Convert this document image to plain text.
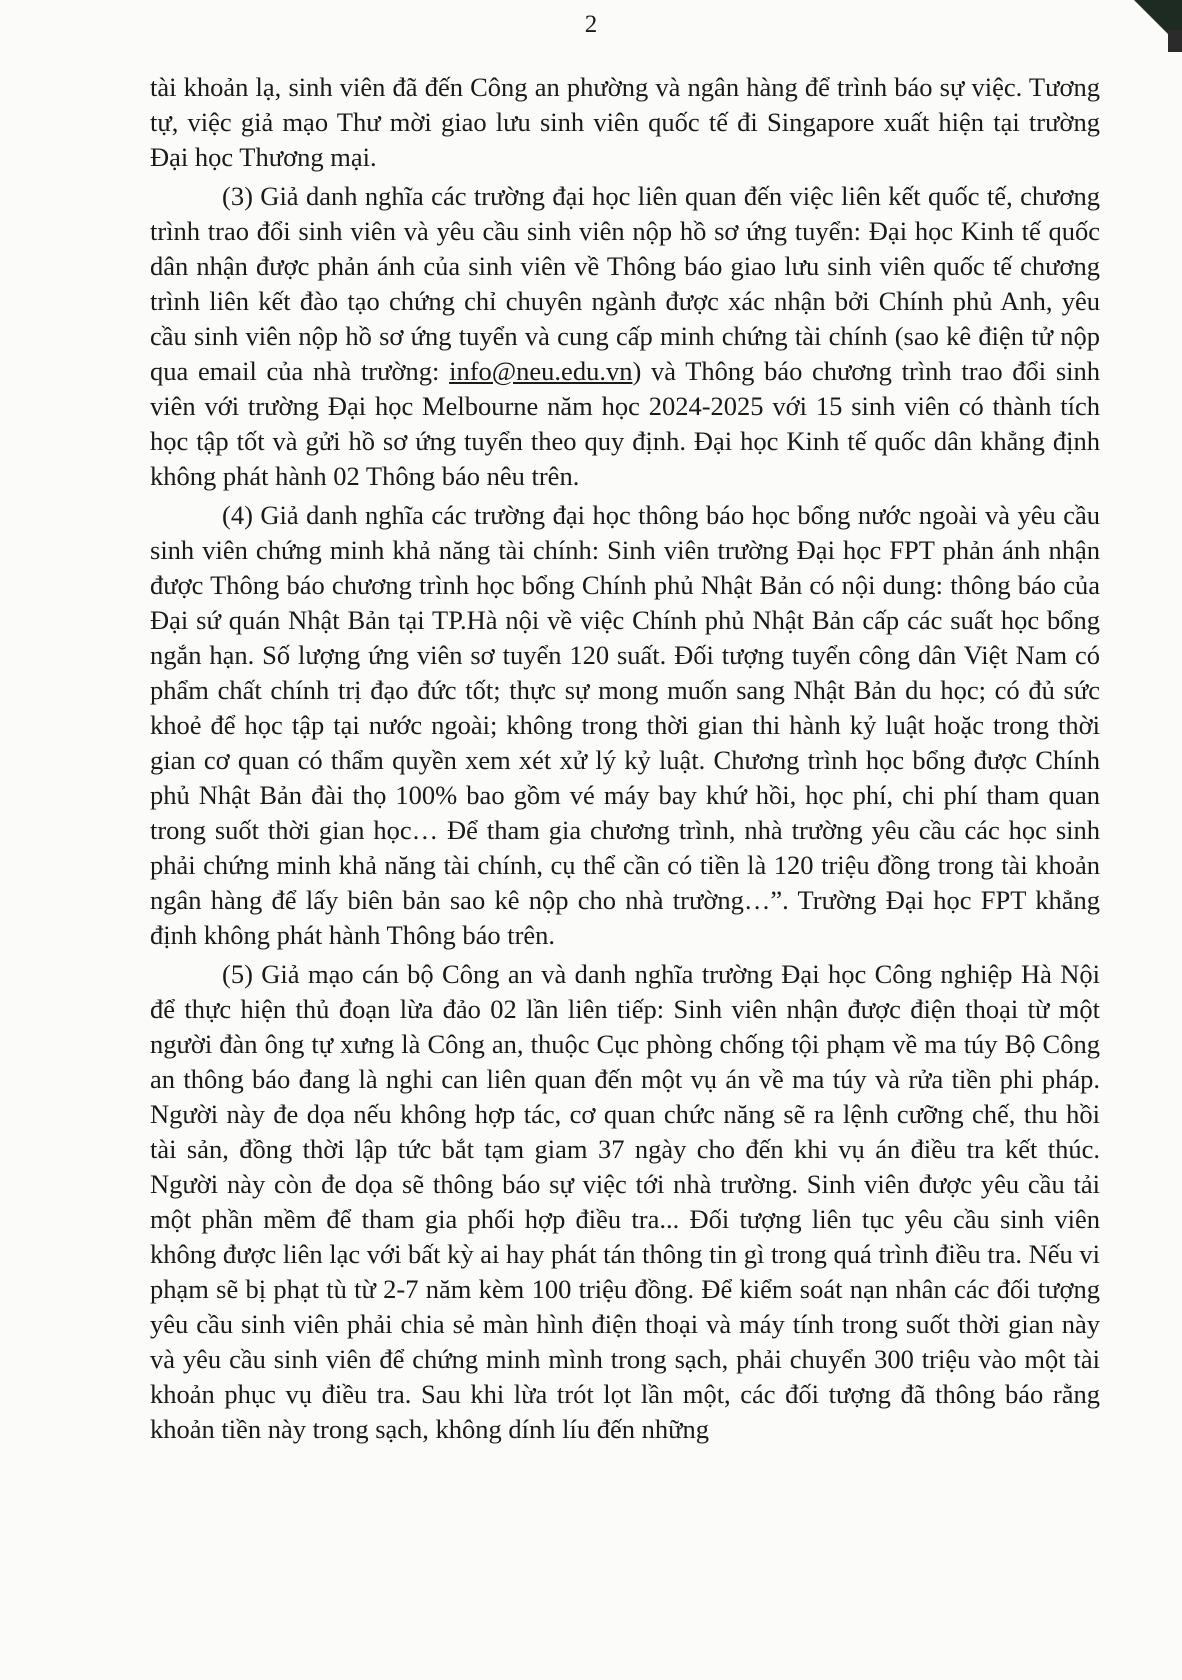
2

tài khoản lạ, sinh viên đã đến Công an phường và ngân hàng để trình báo sự việc. Tương tự, việc giả mạo Thư mời giao lưu sinh viên quốc tế đi Singapore xuất hiện tại trường Đại học Thương mại.

(3) Giả danh nghĩa các trường đại học liên quan đến việc liên kết quốc tế, chương trình trao đổi sinh viên và yêu cầu sinh viên nộp hồ sơ ứng tuyển: Đại học Kinh tế quốc dân nhận được phản ánh của sinh viên về Thông báo giao lưu sinh viên quốc tế chương trình liên kết đào tạo chứng chỉ chuyên ngành được xác nhận bởi Chính phủ Anh, yêu cầu sinh viên nộp hồ sơ ứng tuyển và cung cấp minh chứng tài chính (sao kê điện tử nộp qua email của nhà trường: info@neu.edu.vn) và Thông báo chương trình trao đổi sinh viên với trường Đại học Melbourne năm học 2024-2025 với 15 sinh viên có thành tích học tập tốt và gửi hồ sơ ứng tuyển theo quy định. Đại học Kinh tế quốc dân khẳng định không phát hành 02 Thông báo nêu trên.

(4) Giả danh nghĩa các trường đại học thông báo học bổng nước ngoài và yêu cầu sinh viên chứng minh khả năng tài chính: Sinh viên trường Đại học FPT phản ánh nhận được Thông báo chương trình học bổng Chính phủ Nhật Bản có nội dung: thông báo của Đại sứ quán Nhật Bản tại TP.Hà nội về việc Chính phủ Nhật Bản cấp các suất học bổng ngắn hạn. Số lượng ứng viên sơ tuyển 120 suất. Đối tượng tuyển công dân Việt Nam có phẩm chất chính trị đạo đức tốt; thực sự mong muốn sang Nhật Bản du học; có đủ sức khoẻ để học tập tại nước ngoài; không trong thời gian thi hành kỷ luật hoặc trong thời gian cơ quan có thẩm quyền xem xét xử lý kỷ luật. Chương trình học bổng được Chính phủ Nhật Bản đài thọ 100% bao gồm vé máy bay khứ hồi, học phí, chi phí tham quan trong suốt thời gian học… Để tham gia chương trình, nhà trường yêu cầu các học sinh phải chứng minh khả năng tài chính, cụ thể cần có tiền là 120 triệu đồng trong tài khoản ngân hàng để lấy biên bản sao kê nộp cho nhà trường…”. Trường Đại học FPT khẳng định không phát hành Thông báo trên.

(5) Giả mạo cán bộ Công an và danh nghĩa trường Đại học Công nghiệp Hà Nội để thực hiện thủ đoạn lừa đảo 02 lần liên tiếp: Sinh viên nhận được điện thoại từ một người đàn ông tự xưng là Công an, thuộc Cục phòng chống tội phạm về ma túy Bộ Công an thông báo đang là nghi can liên quan đến một vụ án về ma túy và rửa tiền phi pháp. Người này đe dọa nếu không hợp tác, cơ quan chức năng sẽ ra lệnh cưỡng chế, thu hồi tài sản, đồng thời lập tức bắt tạm giam 37 ngày cho đến khi vụ án điều tra kết thúc. Người này còn đe dọa sẽ thông báo sự việc tới nhà trường. Sinh viên được yêu cầu tải một phần mềm để tham gia phối hợp điều tra... Đối tượng liên tục yêu cầu sinh viên không được liên lạc với bất kỳ ai hay phát tán thông tin gì trong quá trình điều tra. Nếu vi phạm sẽ bị phạt tù từ 2-7 năm kèm 100 triệu đồng. Để kiểm soát nạn nhân các đối tượng yêu cầu sinh viên phải chia sẻ màn hình điện thoại và máy tính trong suốt thời gian này và yêu cầu sinh viên để chứng minh mình trong sạch, phải chuyển 300 triệu vào một tài khoản phục vụ điều tra. Sau khi lừa trót lọt lần một, các đối tượng đã thông báo rằng khoản tiền này trong sạch, không dính líu đến những
